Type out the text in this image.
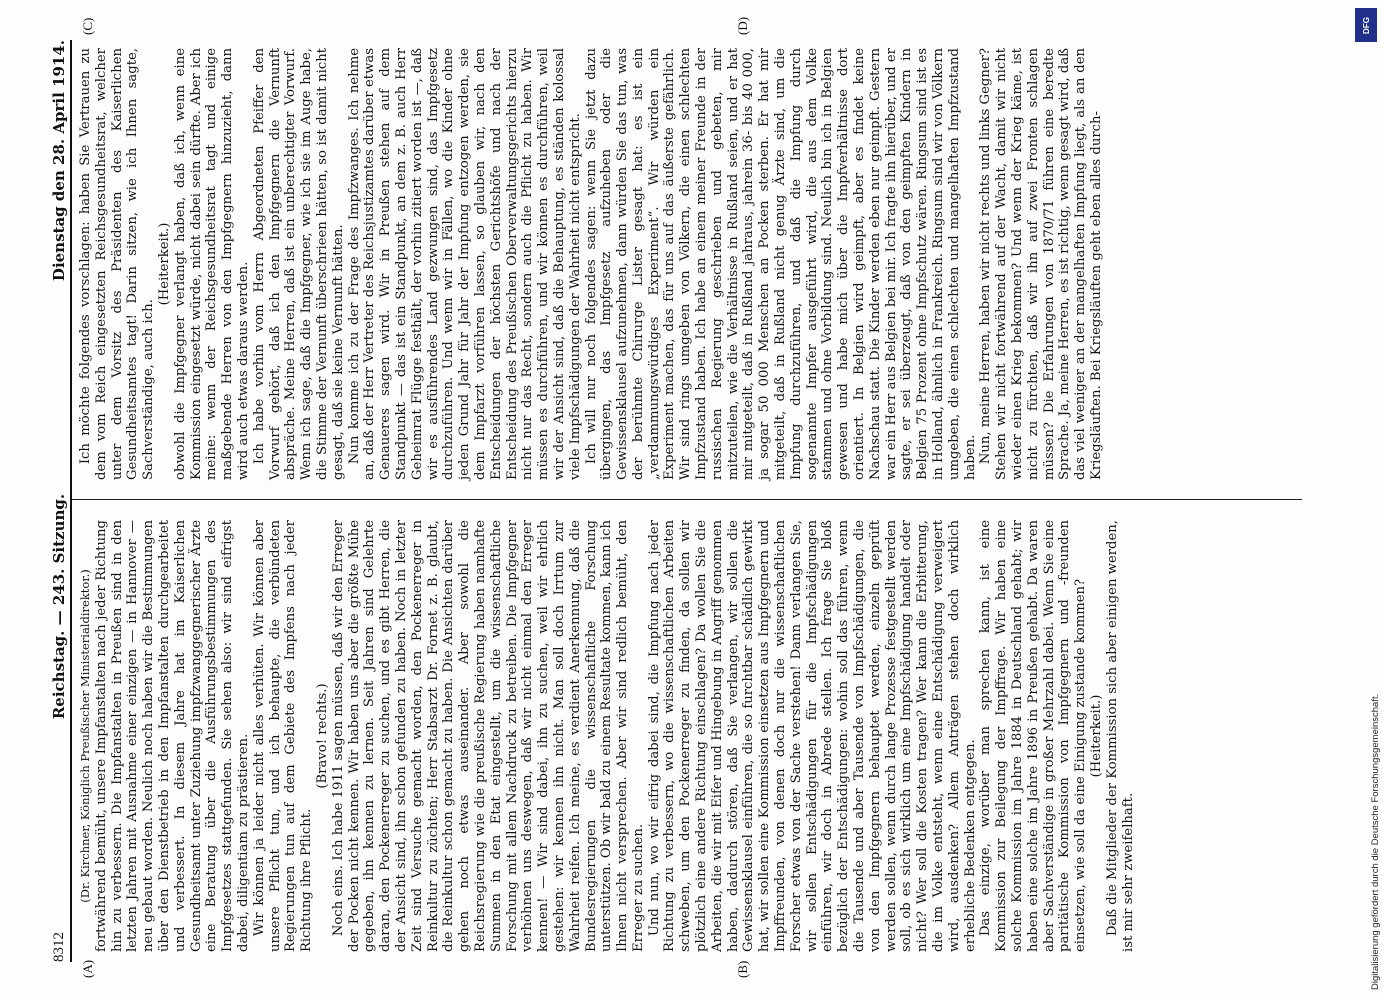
8312
Reichstag. — 243. Sitzung.
Dienstag den 28. April 1914.
(A)	(B)
(C)	(D)

(Dr. Kirchner, Königlich Preußischer Ministerialdirektor.) fortwährend bemüht, unsere Impfanstalten nach jeder Richtung hin zu verbessern. Die Impfanstalten in Preußen sind in den letzten Jahren mit Ausnahme einer einzigen — in Hannover — neu gebaut worden. Neulich noch haben wir die Bestimmungen über den Dienstbetrieb in den Impfanstalten durchgearbeitet und verbessert. In diesem Jahre hat im Kaiserlichen Gesundheitsamt unter Zuziehung impfzwanggegnerischer Ärzte eine Beratung über die Ausführungsbestimmungen des Impfgesetzes stattgefunden. Sie sehen also: wir sind eifrigst dabei, diligentiam zu prästieren. Wir können ja leider nicht alles verhüten. Wir können aber unsere Pflicht tun, und ich behaupte, die verbündeten Regierungen tun auf dem Gebiete des Impfens nach jeder Richtung ihre Pflicht.

(Bravo! rechts.) Noch eins. Ich habe 1911 sagen müssen, daß wir den Erreger der Pocken nicht kennen. Wir haben uns aber die größte Mühe gegeben, ihn kennen zu lernen. Seit Jahren sind Gelehrte daran, den Pockenerreger zu suchen, und es gibt Herren, die der Ansicht sind, ihn schon gefunden zu haben. Noch in letzter Zeit sind Versuche gemacht worden, den Pockenerreger in Reinkultur zu züchten; Herr Stabsarzt Dr. Fornet z. B. glaubt, die Reinkultur schon gemacht zu haben. Die Ansichten darüber gehen noch etwas auseinander. Aber sowohl die Reichsregierung wie die preußische Regierung haben namhafte Summen in den Etat eingestellt, um die wissenschaftliche Forschung mit allem Nachdruck zu betreiben. Die Impfgegner verhöhnen uns deswegen, daß wir nicht einmal den Erreger kennen! — Wir sind dabei, ihn zu suchen, weil wir ehrlich gestehen: wir kennen ihn nicht. Man soll doch Irrtum zur Wahrheit reifen. Ich meine, es verdient Anerkennung, daß die Bundesregierungen die wissenschaftliche Forschung unterstützen. Ob wir bald zu einem Resultate kommen, kann ich Ihnen nicht versprechen. Aber wir sind redlich bemüht, den Erreger zu suchen. Und nun, wo wir eifrig dabei sind, die Impfung nach jeder Richtung zu verbessern, wo die wissenschaftlichen Arbeiten schweben, um den Pockenerreger zu finden, da sollen wir plötzlich eine andere Richtung einschlagen? Da wollen Sie die Arbeiten, die wir mit Eifer und Hingebung in Angriff genommen haben, dadurch stören, daß Sie verlangen, wir sollen die Gewissensklausel einführen, die so furchtbar schädlich gewirkt hat, wir sollen eine Kommission einsetzen aus Impfgegnern und Impffreunden, von denen doch nur die wissenschaftlichen Forscher etwas von der Sache verstehen! Dann verlangen Sie, wir sollen Entschädigungen für die Impfschädigungen einführen, wir doch in Abrede stellen. Ich frage Sie bloß bezüglich der Entschädigungen: wohin soll das führen, wenn die Tausende und aber Tausende von Impfschädigungen, die von den Impfgegnern behauptet werden, einzeln geprüft werden sollen, wenn durch lange Prozesse festgestellt werden soll, ob es sich wirklich um eine Impfschädigung handelt oder nicht? Wer soll die Kosten tragen? Wer kann die Erbitterung, die im Volke entsteht, wenn eine Entschädigung verweigert wird, ausdenken? Allem Anträgen stehen doch wirklich erhebliche Bedenken entgegen. Das einzige, worüber man sprechen kann, ist eine Kommission zur Beilegung der Impffrage. Wir haben eine solche Kommission im Jahre 1884 in Deutschland gehabt; wir haben eine solche im Jahre 1896 in Preußen gehabt. Da waren aber Sachverständige in großer Mehrzahl dabei. Wenn Sie eine paritätische Kommission von Impfgegnern und -freunden einsetzen, wie soll da eine Einigung zustande kommen? (Heiterkeit.) Daß die Mitglieder der Kommission sich aber einigen werden, ist mir sehr zweifelhaft.

Ich möchte folgendes vorschlagen: haben Sie Vertrauen zu dem vom Reich eingesetzten Reichsgesundheitsrat, welcher unter dem Vorsitz des Präsidenten des Kaiserlichen Gesundheitsamtes tagt! Darin sitzen, wie ich Ihnen sagte, Sachverständige, auch ich.

(Heiterkeit.) obwohl die Impfgegner verlangt haben, daß ich, wenn eine Kommission eingesetzt würde, nicht dabei sein dürfte. Aber ich meine: wenn der Reichsgesundheitsrat tagt und einige maßgebende Herren von den Impfgegnern hinzuzieht, dann wird auch etwas daraus werden. Ich habe vorhin vom Herrn Abgeordneten Pfeiffer den Vorwurf gehört, daß ich den Impfgegnern die Vernunft abspräche. Meine Herren, daß ist ein unberechtigter Vorwurf. Wenn ich sage, daß die Impfgegner, wie ich sie im Auge habe, die Stimme der Vernunft überschrieen hätten, so ist damit nicht gesagt, daß sie keine Vernunft hätten. Nun komme ich zu der Frage des Impfzwanges. Ich nehme an, daß der Herr Vertreter des Reichsjustizamtes darüber etwas Genaueres sagen wird. Wir in Preußen stehen auf dem Standpunkt — das ist ein Standpunkt, an dem z. B. auch Herr Geheimrat Flügge festhält, der vorhin zitiert worden ist —, daß wir es ausführendes Land gezwungen sind, das Impfgesetz durchzuführen. Und wenn wir in Fällen, wo die Kinder ohne jeden Grund Jahr für Jahr der Impfung entzogen werden, sie dem Impfarzt vorführen lassen, so glauben wir, nach den Entscheidungen der höchsten Gerichtshöfe und nach der Entscheidung des Preußischen Oberverwaltungsgerichts hierzu nicht nur das Recht, sondern auch die Pflicht zu haben. Wir müssen es durchführen, und wir können es durchführen, weil wir der Ansicht sind, daß die Behauptung, es ständen kolossal viele Impfschädigungen der Wahrheit nicht entspricht. Ich will nur noch folgendes sagen: wenn Sie jetzt dazu übergingen, das Impfgesetz aufzuheben oder die Gewissensklausel aufzunehmen, dann würden Sie das tun, was der berühmte Chirurge Lister gesagt hat: es ist ein „verdammungswürdiges Experiment“. Wir würden ein Experiment machen, das für uns auf das äußerste gefährlich. Wir sind rings umgeben von Völkern, die einen schlechten Impfzustand haben. Ich habe an einem meiner Freunde in der russischen Regierung geschrieben und gebeten, mir mitzuteilen, wie die Verhältnisse in Rußland seien, und er hat mir mitgeteilt, daß in Rußland jahraus, jahrein 36- bis 40 000, ja sogar 50 000 Menschen an Pocken sterben. Er hat mir mitgeteilt, daß in Rußland nicht genug Ärzte sind, um die Impfung durchzuführen, und daß die Impfung durch sogenannte Impfer ausgeführt wird, die aus dem Volke stammen und ohne Vorbildung sind. Neulich bin ich in Belgien gewesen und habe mich über die Impfverhältnisse dort orientiert. In Belgien wird geimpft, aber es findet keine Nachschau statt. Die Kinder werden eben nur geimpft. Gestern war ein Herr aus Belgien bei mir. Ich fragte ihn hierüber, und er sagte, er sei überzeugt, daß von den geimpften Kindern in Belgien 75 Prozent ohne Impfschutz wären. Ringsum sind ist es in Holland, ähnlich in Frankreich. Ringsum sind wir von Völkern umgeben, die einen schlechten und mangelhaften Impfzustand haben. Nun, meine Herren, haben wir nicht rechts und links Gegner? Stehen wir nicht fortwährend auf der Wacht, damit wir nicht wieder einen Krieg bekommen? Und wenn der Krieg käme, ist nicht zu fürchten, daß wir ihn auf zwei Fronten schlagen müssen? Die Erfahrungen von 1870/71 führen eine beredte Sprache. Ja, meine Herren, es ist richtig, wenn gesagt wird, daß das viel weniger an der mangelhaften Impfung liegt, als an den Kriegsläuften. Bei Kriegsläuften geht eben alles durch-

DFG
Digitalisierung gefördert durch die Deutsche Forschungsgemeinschaft.
